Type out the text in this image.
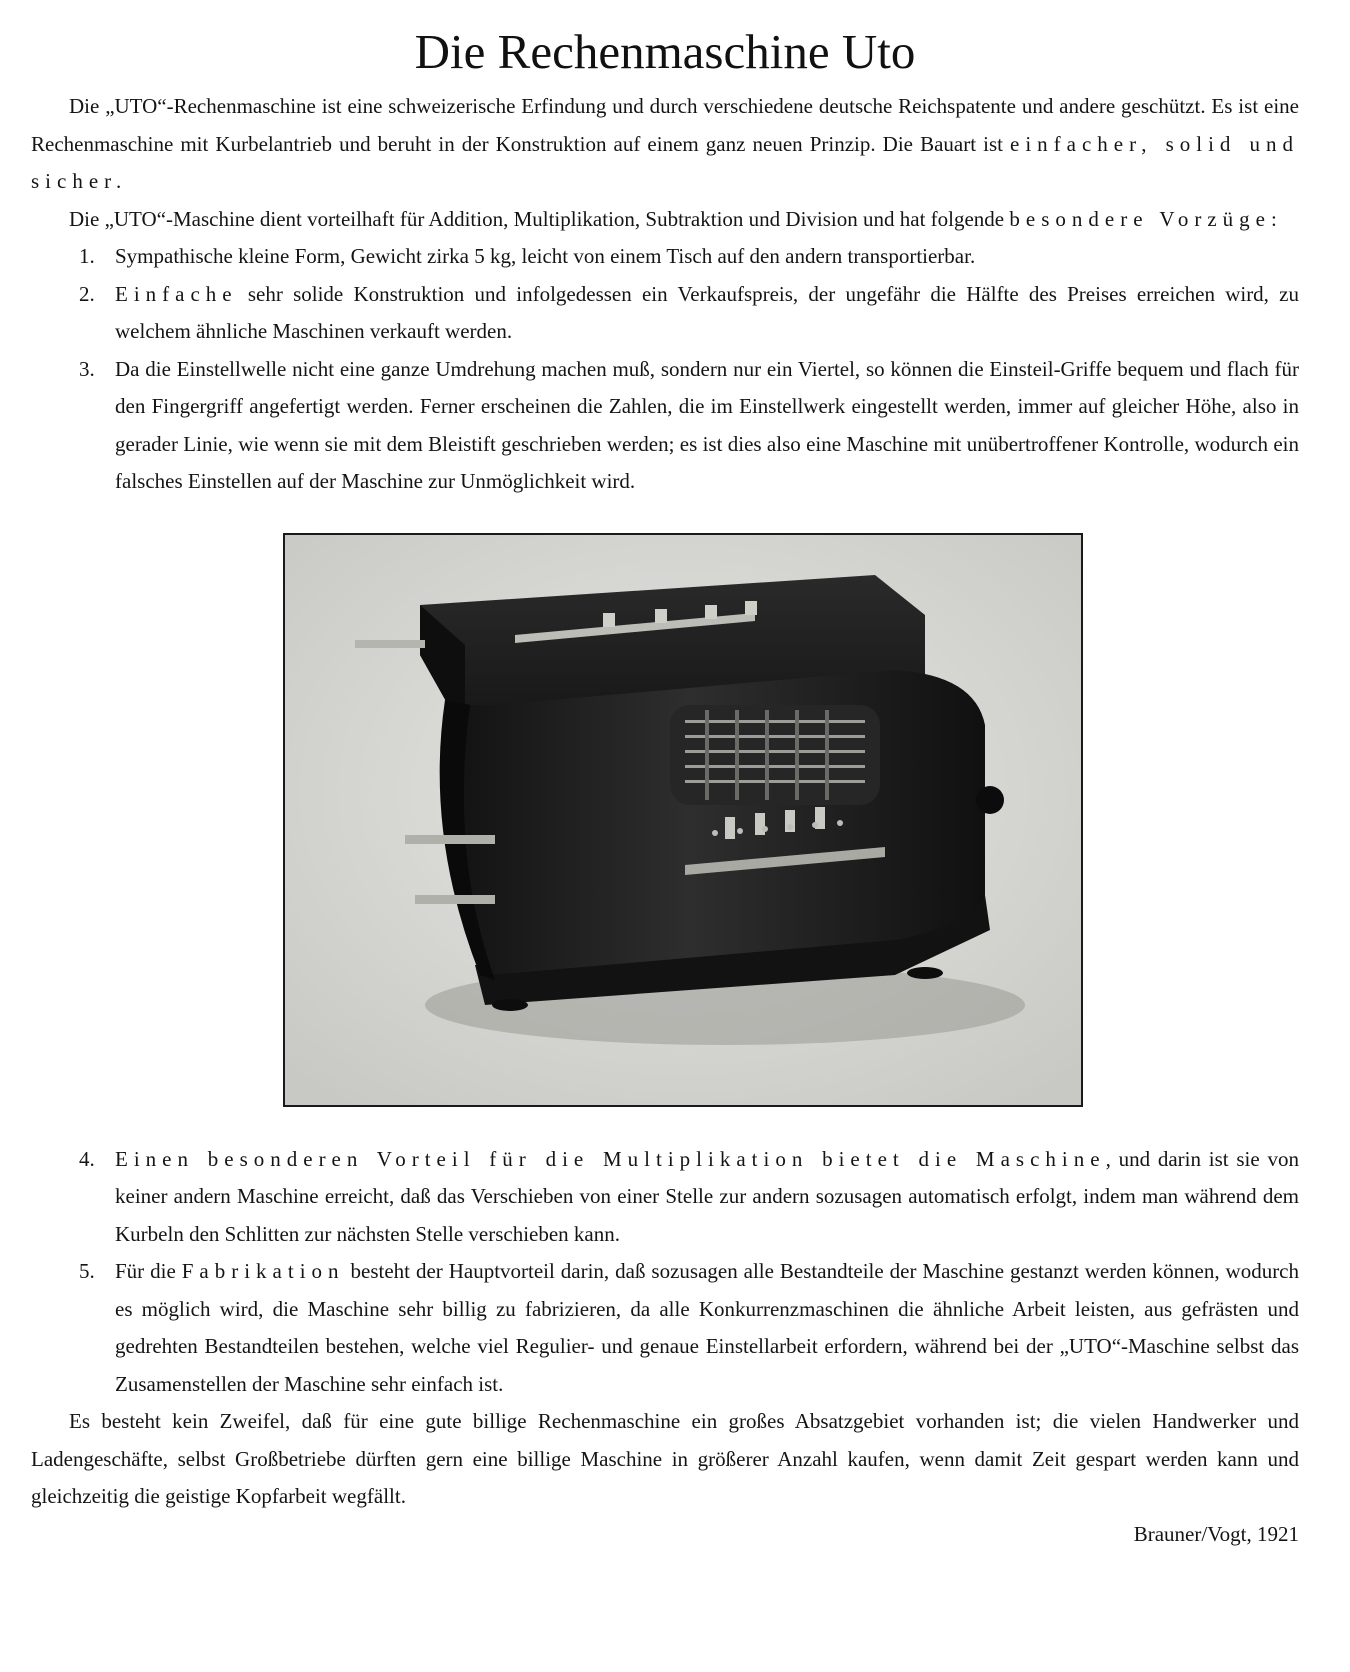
Die Rechenmaschine Uto

Die „UTO“-Rechenmaschine ist eine schweizerische Erfindung und durch verschiedene deutsche Reichspatente und andere geschützt. Es ist eine Rechenmaschine mit Kurbelantrieb und beruht in der Konstruktion auf einem ganz neuen Prinzip. Die Bauart ist einfacher, solid und sicher.

Die „UTO“-Maschine dient vorteilhaft für Addition, Multiplikation, Subtraktion und Division und hat folgende besondere Vorzüge:

1. Sympathische kleine Form, Gewicht zirka 5 kg, leicht von einem Tisch auf den andern transportierbar.
2. Einfache sehr solide Konstruktion und infolgedessen ein Verkaufspreis, der ungefähr die Hälfte des Preises erreichen wird, zu welchem ähnliche Maschinen verkauft werden.
3. Da die Einstellwelle nicht eine ganze Umdrehung machen muß, sondern nur ein Viertel, so können die Einsteil-Griffe bequem und flach für den Fingergriff angefertigt werden. Ferner erscheinen die Zahlen, die im Einstellwerk eingestellt werden, immer auf gleicher Höhe, also in gerader Linie, wie wenn sie mit dem Bleistift geschrieben werden; es ist dies also eine Maschine mit unübertroffener Kontrolle, wodurch ein falsches Einstellen auf der Maschine zur Unmöglichkeit wird.
4. Einen besonderen Vorteil für die Multiplikation bietet die Maschine, und darin ist sie von keiner andern Maschine erreicht, daß das Verschieben von einer Stelle zur andern sozusagen automatisch erfolgt, indem man während dem Kurbeln den Schlitten zur nächsten Stelle verschieben kann.
5. Für die Fabrikation besteht der Hauptvorteil darin, daß sozusagen alle Bestandteile der Maschine gestanzt werden können, wodurch es möglich wird, die Maschine sehr billig zu fabrizieren, da alle Konkurrenzmaschinen die ähnliche Arbeit leisten, aus gefrästen und gedrehten Bestandteilen bestehen, welche viel Regulier- und genaue Einstellarbeit erfordern, während bei der „UTO“-Maschine selbst das Zusamenstellen der Maschine sehr einfach ist.

Es besteht kein Zweifel, daß für eine gute billige Rechenmaschine ein großes Absatzgebiet vorhanden ist; die vielen Handwerker und Ladengeschäfte, selbst Großbetriebe dürften gern eine billige Maschine in größerer Anzahl kaufen, wenn damit Zeit gespart werden kann und gleichzeitig die geistige Kopfarbeit wegfällt.

Brauner/Vogt, 1921
